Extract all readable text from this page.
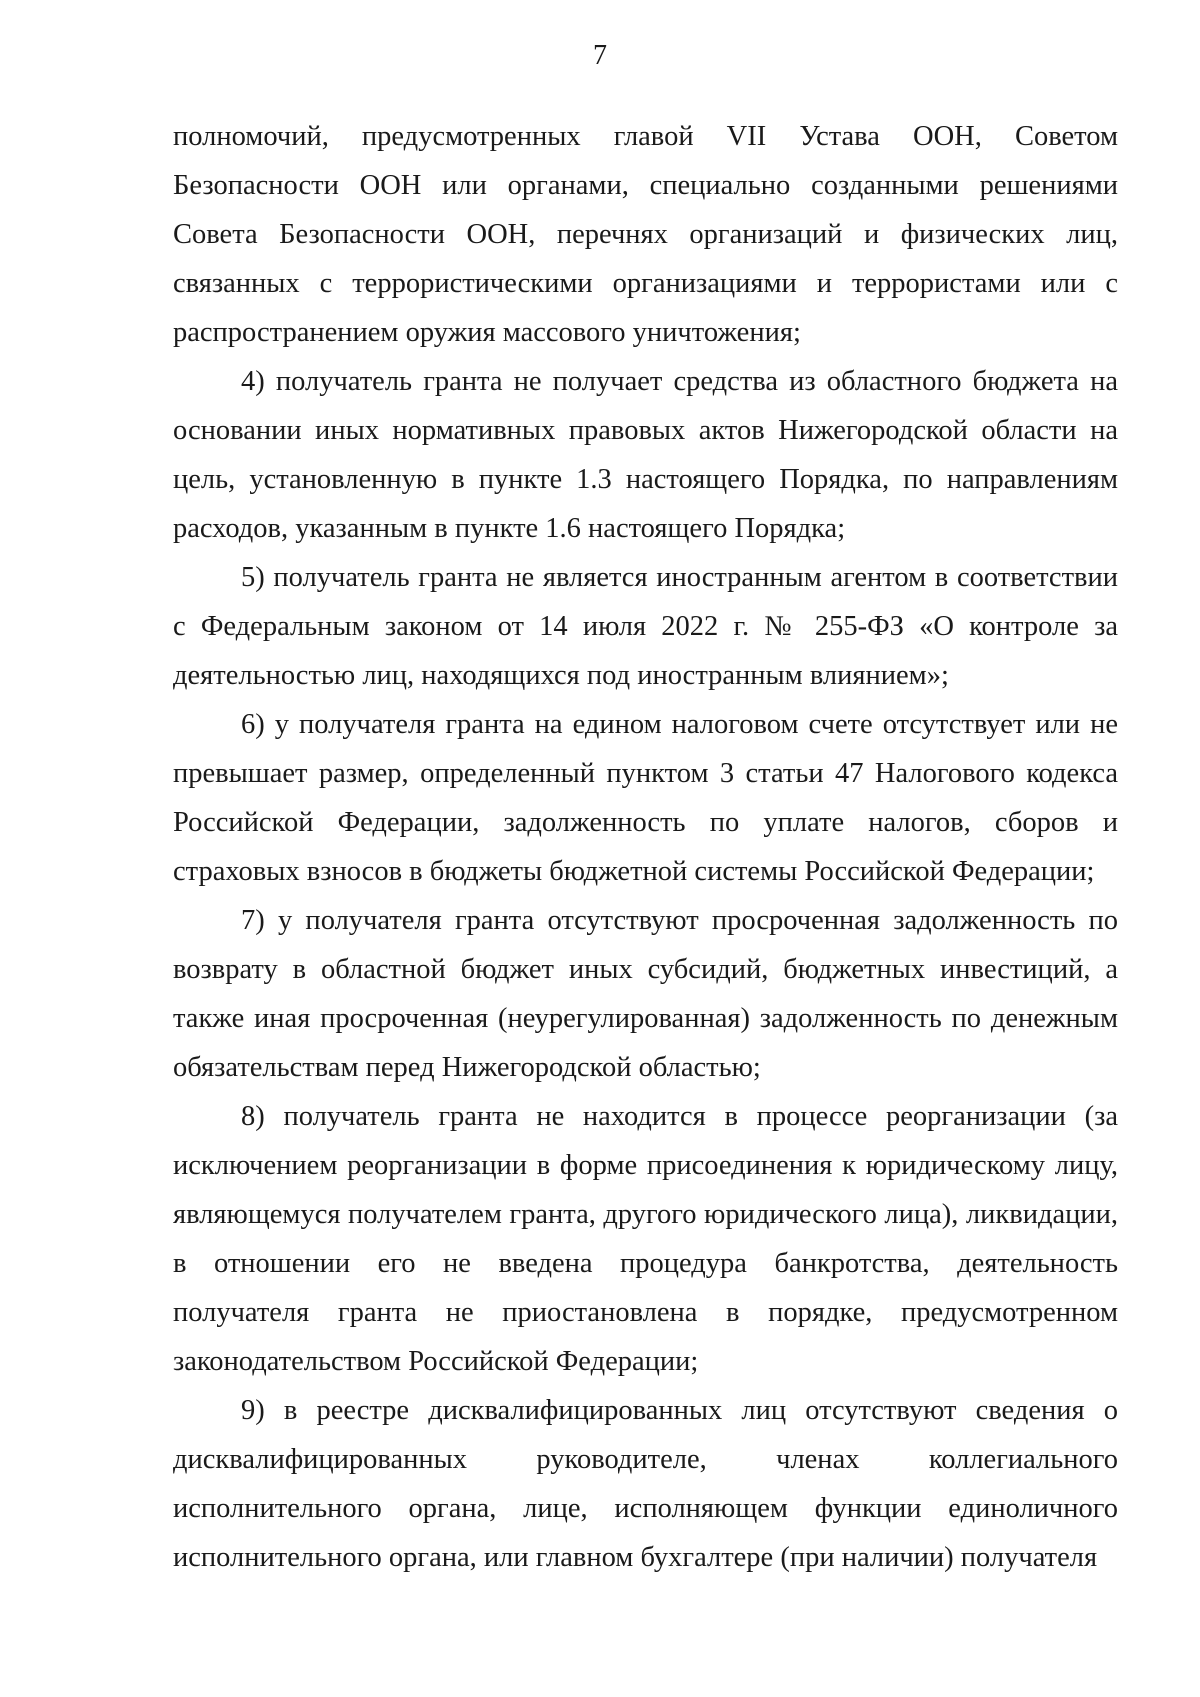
7

полномочий, предусмотренных главой VII Устава ООН, Советом Безопасности ООН или органами, специально созданными решениями Совета Безопасности ООН, перечнях организаций и физических лиц, связанных с террористическими организациями и террористами или с распространением оружия массового уничтожения;

4) получатель гранта не получает средства из областного бюджета на основании иных нормативных правовых актов Нижегородской области на цель, установленную в пункте 1.3 настоящего Порядка, по направлениям расходов, указанным в пункте 1.6 настоящего Порядка;

5) получатель гранта не является иностранным агентом в соответствии с Федеральным законом от 14 июля 2022 г. № 255-ФЗ «О контроле за деятельностью лиц, находящихся под иностранным влиянием»;

6) у получателя гранта на едином налоговом счете отсутствует или не превышает размер, определенный пунктом 3 статьи 47 Налогового кодекса Российской Федерации, задолженность по уплате налогов, сборов и страховых взносов в бюджеты бюджетной системы Российской Федерации;

7) у получателя гранта отсутствуют просроченная задолженность по возврату в областной бюджет иных субсидий, бюджетных инвестиций, а также иная просроченная (неурегулированная) задолженность по денежным обязательствам перед Нижегородской областью;

8) получатель гранта не находится в процессе реорганизации (за исключением реорганизации в форме присоединения к юридическому лицу, являющемуся получателем гранта, другого юридического лица), ликвидации, в отношении его не введена процедура банкротства, деятельность получателя гранта не приостановлена в порядке, предусмотренном законодательством Российской Федерации;

9) в реестре дисквалифицированных лиц отсутствуют сведения о дисквалифицированных руководителе, членах коллегиального исполнительного органа, лице, исполняющем функции единоличного исполнительного органа, или главном бухгалтере (при наличии) получателя
